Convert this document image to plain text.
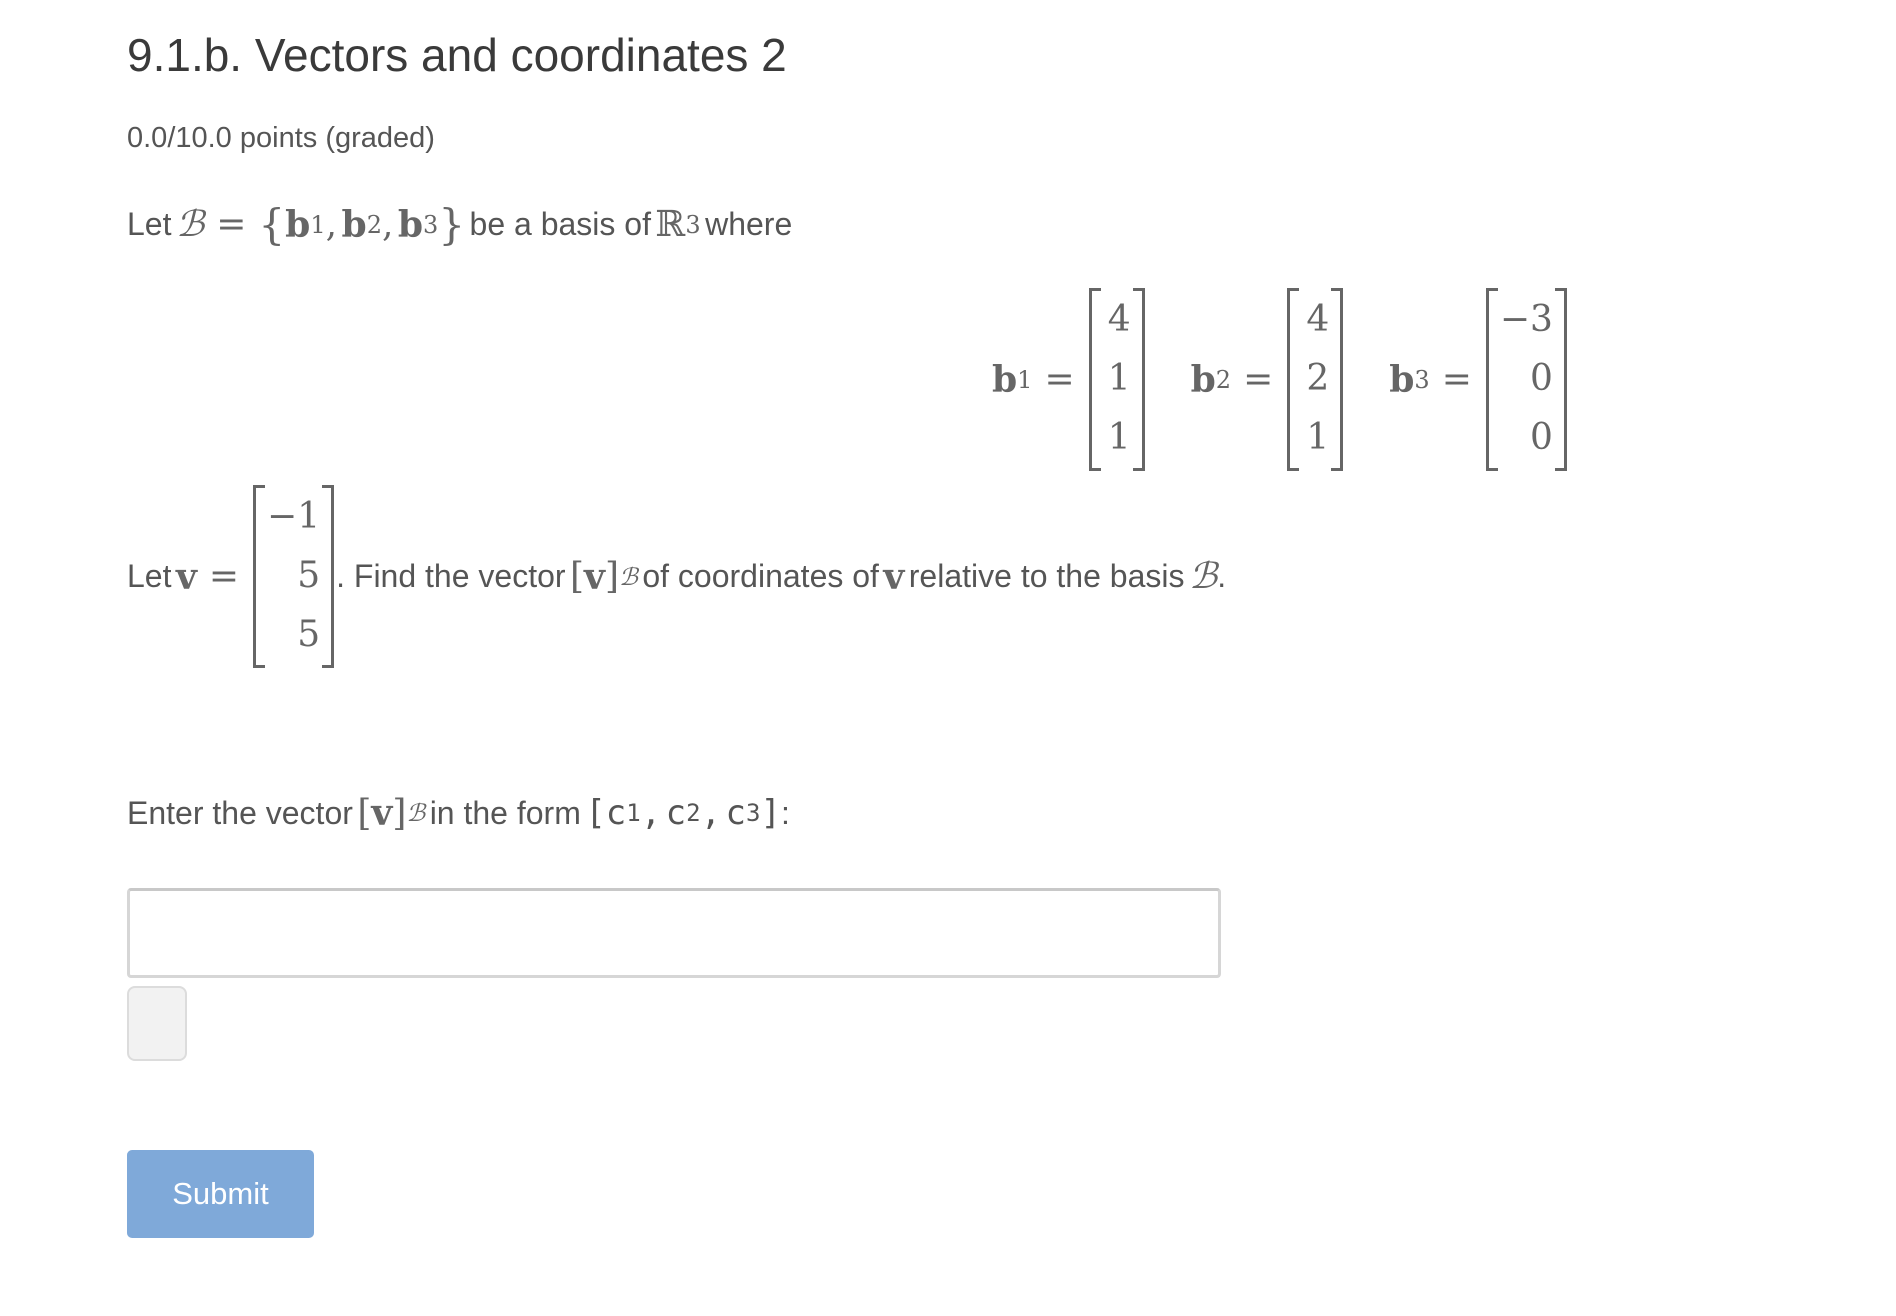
9.1.b. Vectors and coordinates 2
0.0/10.0 points (graded)
Let
ℬ = { b 1 ,
b 2 ,
b 3 }
be a basis of
ℝ 3
where
b 1 =
4
1
1
b 2 =
4
2
1
b 3 =
−3
0
0
Let
v =
−1
5
5
. Find the vector
[ v ] ℬ
of coordinates of
v
relative to the basis
ℬ .
Enter the vector
[ v ] ℬ
in the form
[ c 1 ,
c 2 ,
c 3 ] :
Submit
